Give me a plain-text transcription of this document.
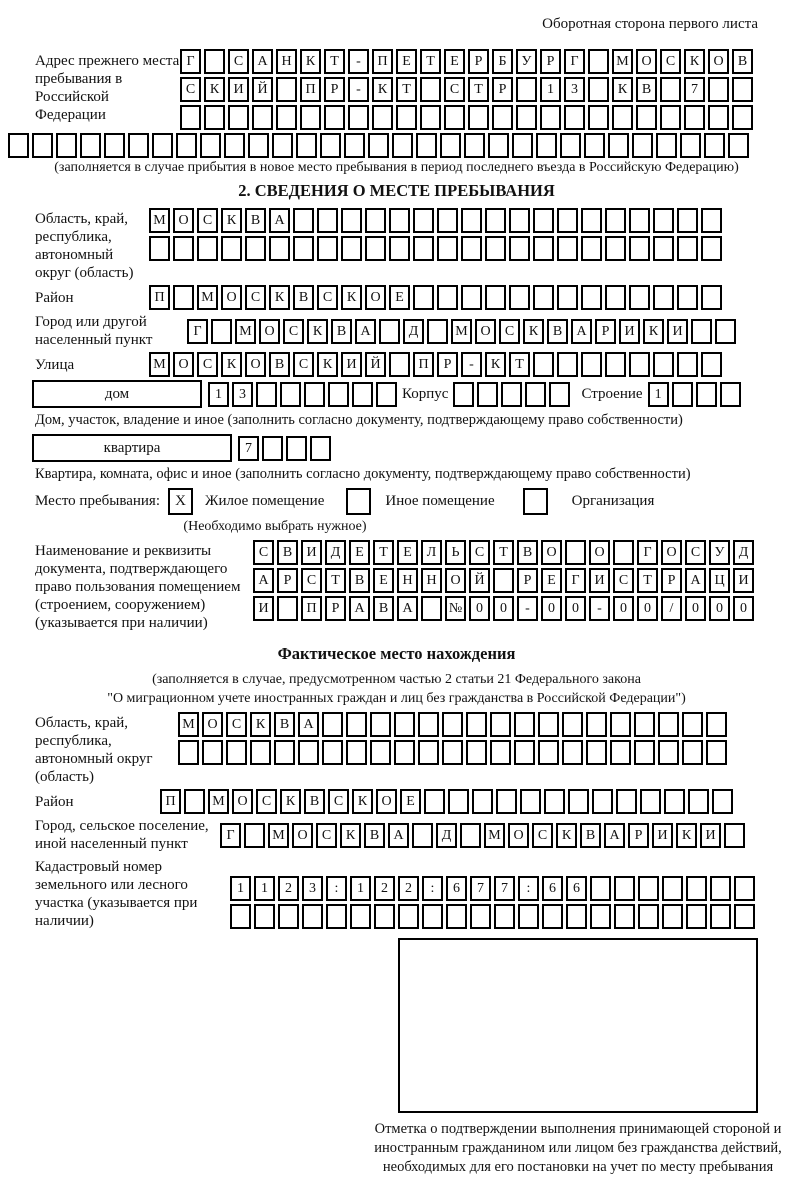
Оборотная сторона первого листа
Адрес прежнего места пребывания в Российской Федерации
Г	С А Н К Т - П Е Т Е Р Б У Р Г	М О С К О В
С К И Й	П Р - К Т	С Т Р	1 3	К В	7
(заполняется в случае прибытия в новое место пребывания в период последнего въезда в Российскую Федерацию)
2. СВЕДЕНИЯ О МЕСТЕ ПРЕБЫВАНИЯ
Область, край, республика, автономный округ (область)
М О С К В А
Район	П	М О С К В С К О Е
Город или другой населенный пункт
Г	М О С К В А	Д	М О С К В А Р И К И
Улица	М О С К О В С К И Й	П Р - К Т
дом	1 3	Корпус	Строение 1
Дом, участок, владение и иное (заполнить согласно документу, подтверждающему право собственности)
квартира	7
Квартира, комната, офис и иное (заполнить согласно документу, подтверждающему право собственности)
Место пребывания:	X	Жилое помещение	Иное помещение	Организация
(Необходимо выбрать нужное)
Наименование и реквизиты документа, подтверждающего право пользования помещением (строением, сооружением) (указывается при наличии)
С В И Д Е Т Е Л Ь С Т В О	О	Г О С У Д
А Р С Т В Е Н Н О Й	Р Е Г И С Т Р А Ц И
И	П Р А В А	№ 0 0 - 0 0 - 0 0 / 0 0 0
Фактическое место нахождения
(заполняется в случае, предусмотренном частью 2 статьи 21 Федерального закона
"О миграционном учете иностранных граждан и лиц без гражданства в Российской Федерации")
Область, край, республика, автономный округ (область)
М О С К В А
Район	П	М О С К В С К О Е
Город, сельское поселение, иной населенный пункт
Г	М О С К В А	Д	М О С К В А Р И К И
Кадастровый номер земельного или лесного участка (указывается при наличии)
1 1 2 3 : 1 2 2 : 6 7 7 : 6 6
Отметка о подтверждении выполнения принимающей стороной и иностранным гражданином или лицом без гражданства действий, необходимых для его постановки на учет по месту пребывания
